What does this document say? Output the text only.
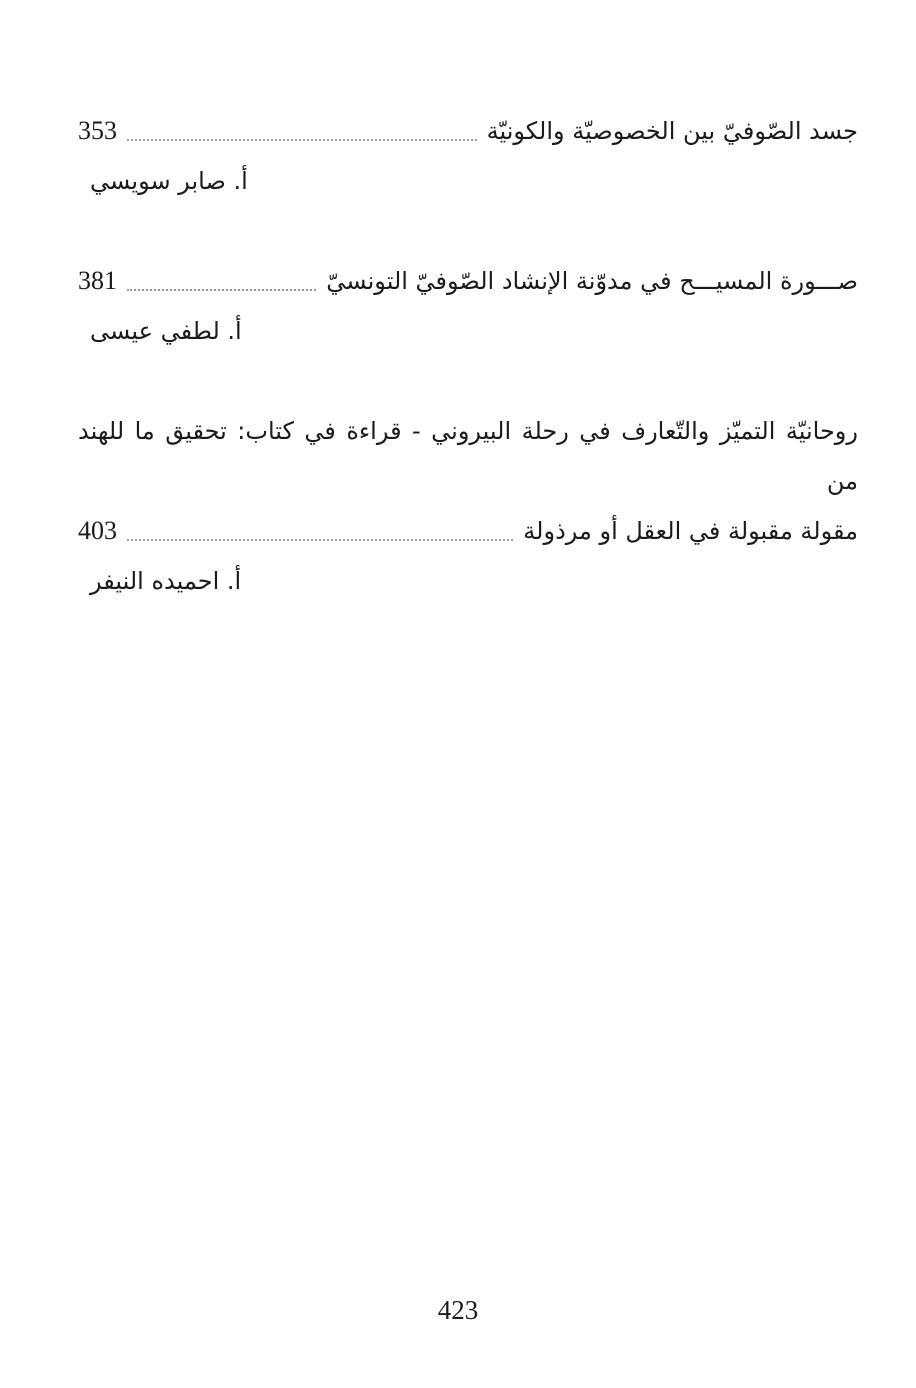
جسد الصّوفيّ بين الخصوصيّة والكونيّة
353
أ. صابر سويسي
صـــورة المسيـــح في مدوّنة الإنشاد الصّوفيّ التونسيّ
381
أ. لطفي عيسى
روحانيّة التميّز والتّعارف في رحلة البيروني - قراءة في كتاب: تحقيق ما للهند من
مقولة مقبولة في العقل أو مرذولة
403
أ. احميده النيفر
423
